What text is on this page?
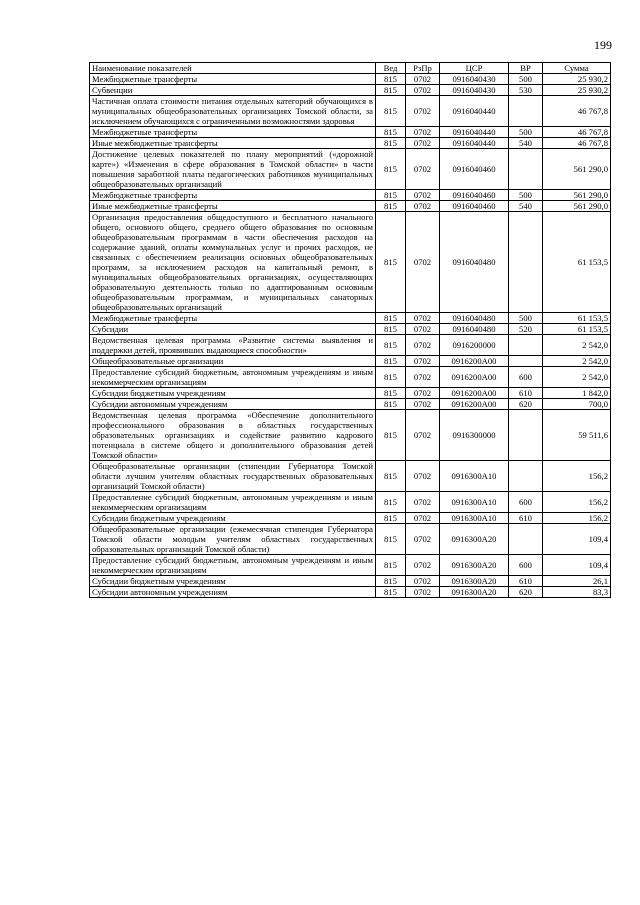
199
Наименование показателей	Вед	РзПр	ЦСР	ВР	Сумма
Межбюджетные трансферты	815	0702	0916040430	500	25 930,2
Субвенции	815	0702	0916040430	530	25 930,2
Частичная оплата стоимости питания отдельных категорий обучающихся в муниципальных общеобразовательных организациях Томской области, за исключением обучающихся с ограниченными возможностями здоровья	815	0702	0916040440		46 767,8
Межбюджетные трансферты	815	0702	0916040440	500	46 767,8
Иные межбюджетные трансферты	815	0702	0916040440	540	46 767,8
Достижение целевых показателей по плану мероприятий («дорожной карте») «Изменения в сфере образования в Томской области» в части повышения заработной платы педагогических работников муниципальных общеобразовательных организаций	815	0702	0916040460		561 290,0
Межбюджетные трансферты	815	0702	0916040460	500	561 290,0
Иные межбюджетные трансферты	815	0702	0916040460	540	561 290,0
Организация предоставления общедоступного и бесплатного начального общего, основного общего, среднего общего образования по основным общеобразовательным программам в части обеспечения расходов на содержание зданий, оплаты коммунальных услуг и прочих расходов, не связанных с обеспечением реализации основных общеобразовательных программ, за исключением расходов на капитальный ремонт, в муниципальных общеобразовательных организациях, осуществляющих образовательную деятельность только по адаптированным основным общеобразовательным программам, и муниципальных санаторных общеобразовательных организаций	815	0702	0916040480		61 153,5
Межбюджетные трансферты	815	0702	0916040480	500	61 153,5
Субсидии	815	0702	0916040480	520	61 153,5
Ведомственная целевая программа «Развитие системы выявления и поддержки детей, проявивших выдающиеся способности»	815	0702	0916200000		2 542,0
Общеобразовательные организации	815	0702	0916200А00		2 542,0
Предоставление субсидий бюджетным, автономным учреждениям и иным некоммерческим организациям	815	0702	0916200А00	600	2 542,0
Субсидии бюджетным учреждениям	815	0702	0916200А00	610	1 842,0
Субсидии автономным учреждениям	815	0702	0916200А00	620	700,0
Ведомственная целевая программа «Обеспечение дополнительного профессионального образования в областных государственных образовательных организациях и содействие развитию кадрового потенциала в системе общего и дополнительного образования детей Томской области»	815	0702	0916300000		59 511,6
Общеобразовательные организации (стипендии Губернатора Томской области лучшим учителям областных государственных образовательных организаций Томской области)	815	0702	0916300А10		156,2
Предоставление субсидий бюджетным, автономным учреждениям и иным некоммерческим организациям	815	0702	0916300А10	600	156,2
Субсидии бюджетным учреждениям	815	0702	0916300А10	610	156,2
Общеобразовательные организации (ежемесячная стипендия Губернатора Томской области молодым учителям областных государственных образовательных организаций Томской области)	815	0702	0916300А20		109,4
Предоставление субсидий бюджетным, автономным учреждениям и иным некоммерческим организациям	815	0702	0916300А20	600	109,4
Субсидии бюджетным учреждениям	815	0702	0916300А20	610	26,1
Субсидии автономным учреждениям	815	0702	0916300А20	620	83,3
